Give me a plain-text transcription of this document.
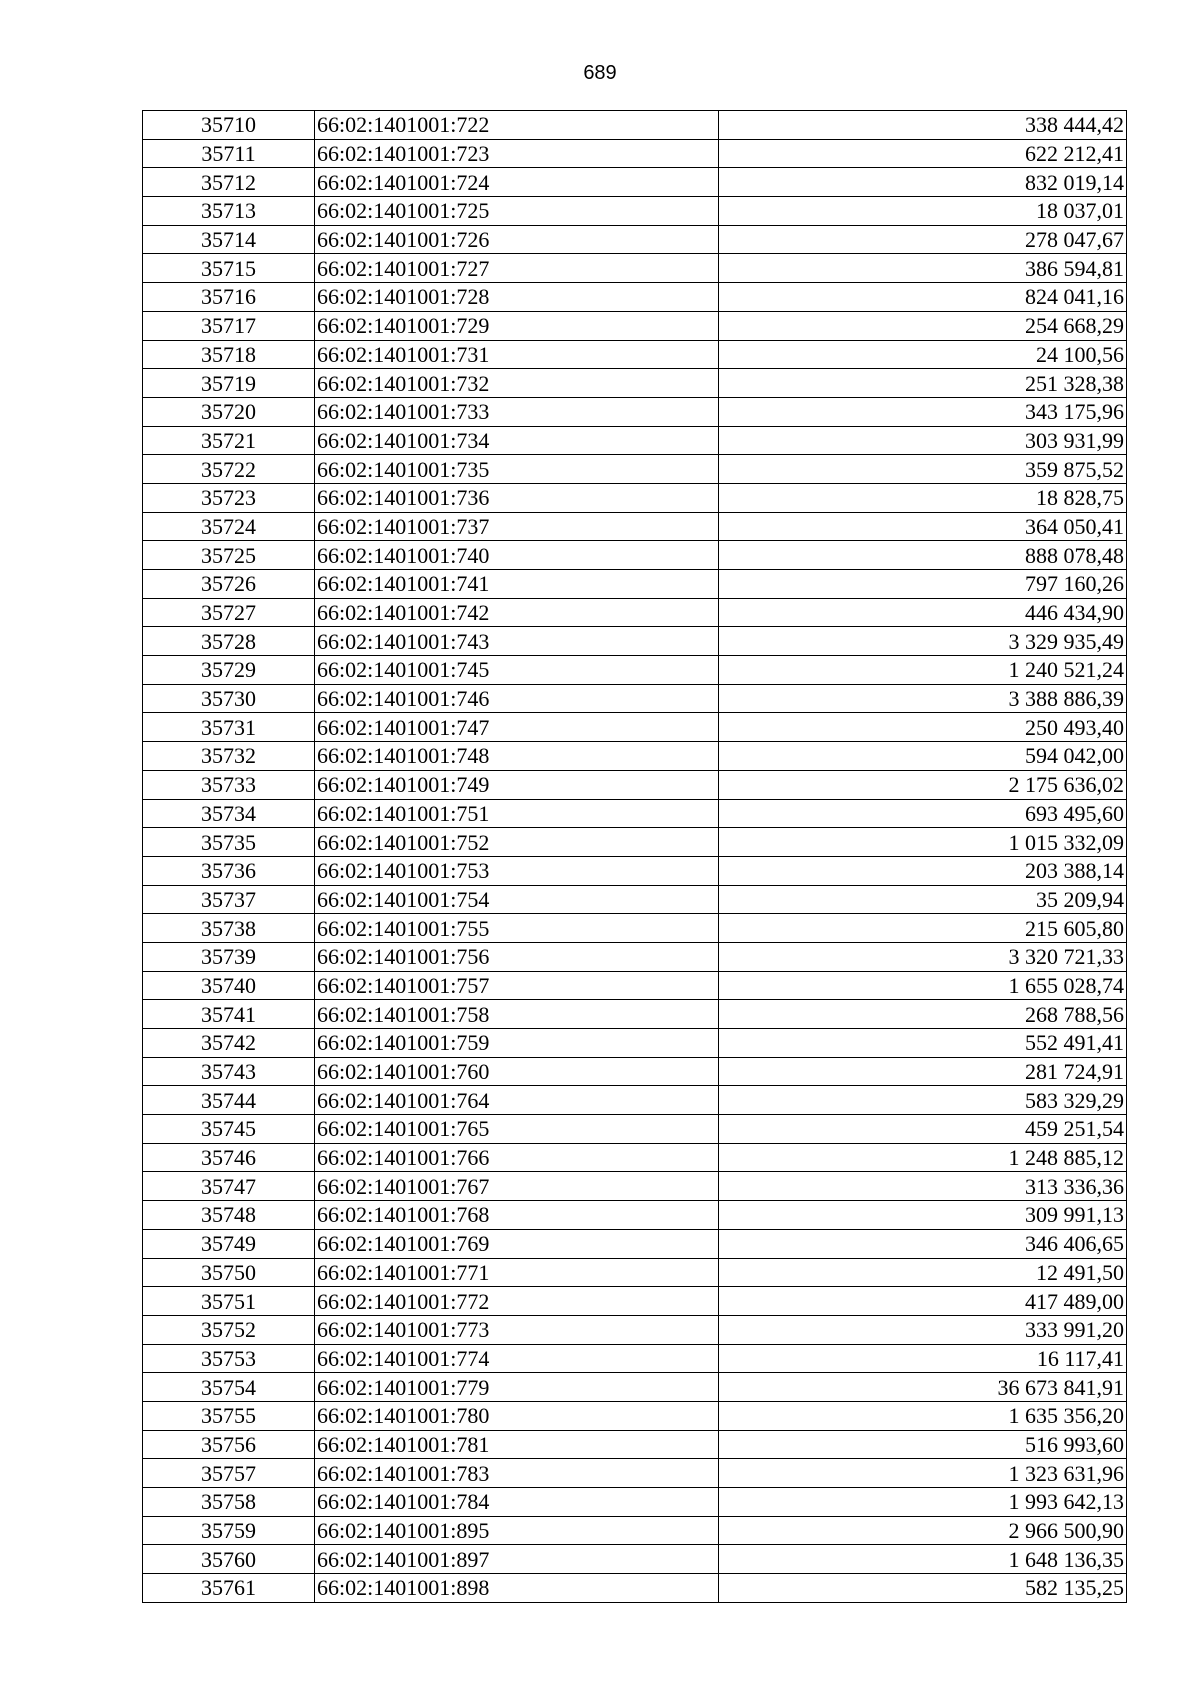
689
35710	66:02:1401001:722	338 444,42
35711	66:02:1401001:723	622 212,41
35712	66:02:1401001:724	832 019,14
35713	66:02:1401001:725	18 037,01
35714	66:02:1401001:726	278 047,67
35715	66:02:1401001:727	386 594,81
35716	66:02:1401001:728	824 041,16
35717	66:02:1401001:729	254 668,29
35718	66:02:1401001:731	24 100,56
35719	66:02:1401001:732	251 328,38
35720	66:02:1401001:733	343 175,96
35721	66:02:1401001:734	303 931,99
35722	66:02:1401001:735	359 875,52
35723	66:02:1401001:736	18 828,75
35724	66:02:1401001:737	364 050,41
35725	66:02:1401001:740	888 078,48
35726	66:02:1401001:741	797 160,26
35727	66:02:1401001:742	446 434,90
35728	66:02:1401001:743	3 329 935,49
35729	66:02:1401001:745	1 240 521,24
35730	66:02:1401001:746	3 388 886,39
35731	66:02:1401001:747	250 493,40
35732	66:02:1401001:748	594 042,00
35733	66:02:1401001:749	2 175 636,02
35734	66:02:1401001:751	693 495,60
35735	66:02:1401001:752	1 015 332,09
35736	66:02:1401001:753	203 388,14
35737	66:02:1401001:754	35 209,94
35738	66:02:1401001:755	215 605,80
35739	66:02:1401001:756	3 320 721,33
35740	66:02:1401001:757	1 655 028,74
35741	66:02:1401001:758	268 788,56
35742	66:02:1401001:759	552 491,41
35743	66:02:1401001:760	281 724,91
35744	66:02:1401001:764	583 329,29
35745	66:02:1401001:765	459 251,54
35746	66:02:1401001:766	1 248 885,12
35747	66:02:1401001:767	313 336,36
35748	66:02:1401001:768	309 991,13
35749	66:02:1401001:769	346 406,65
35750	66:02:1401001:771	12 491,50
35751	66:02:1401001:772	417 489,00
35752	66:02:1401001:773	333 991,20
35753	66:02:1401001:774	16 117,41
35754	66:02:1401001:779	36 673 841,91
35755	66:02:1401001:780	1 635 356,20
35756	66:02:1401001:781	516 993,60
35757	66:02:1401001:783	1 323 631,96
35758	66:02:1401001:784	1 993 642,13
35759	66:02:1401001:895	2 966 500,90
35760	66:02:1401001:897	1 648 136,35
35761	66:02:1401001:898	582 135,25
